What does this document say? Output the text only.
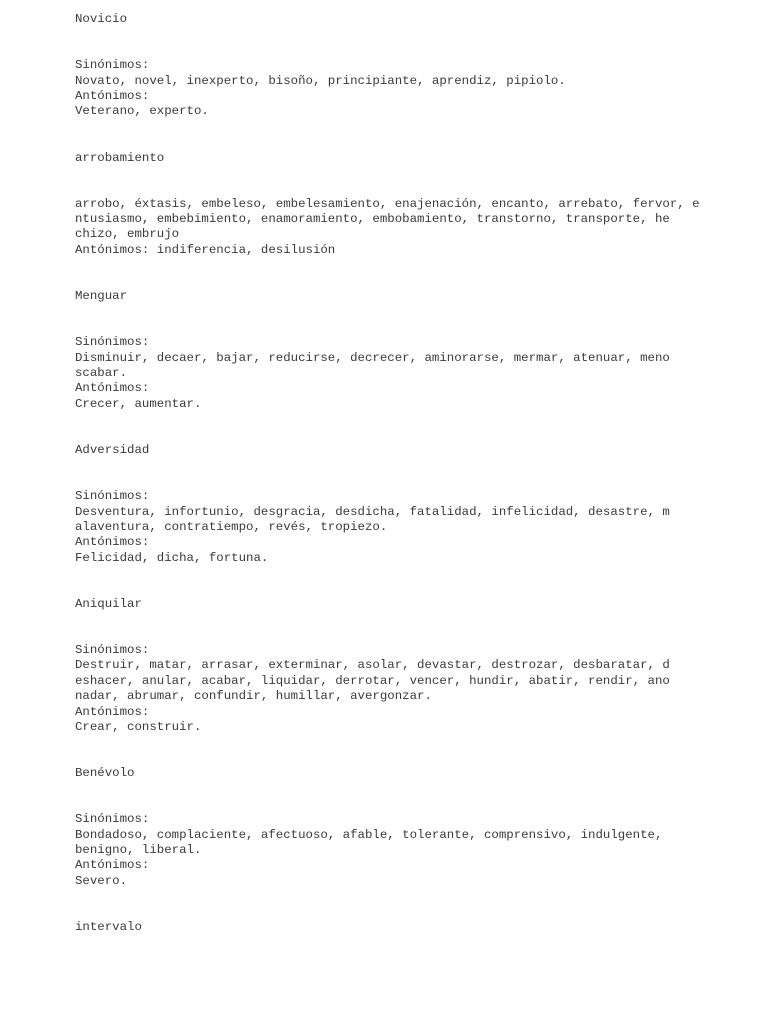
Novicio
Sinónimos:
Novato, novel, inexperto, bisoño, principiante, aprendiz, pipiolo.
Antónimos:
Veterano, experto.
arrobamiento
arrobo, éxtasis, embeleso, embelesamiento, enajenación, encanto, arrebato, fervor, e
ntusiasmo, embebimiento, enamoramiento, embobamiento, transtorno, transporte, he
chizo, embrujo
Antónimos: indiferencia, desilusión
Menguar
Sinónimos:
Disminuir, decaer, bajar, reducirse, decrecer, aminorarse, mermar, atenuar, meno
scabar.
Antónimos:
Crecer, aumentar.
Adversidad
Sinónimos:
Desventura, infortunio, desgracia, desdicha, fatalidad, infelicidad, desastre, m
alaventura, contratiempo, revés, tropiezo.
Antónimos:
Felicidad, dicha, fortuna.
Aniquilar
Sinónimos:
Destruir, matar, arrasar, exterminar, asolar, devastar, destrozar, desbaratar, d
eshacer, anular, acabar, liquidar, derrotar, vencer, hundir, abatir, rendir, ano
nadar, abrumar, confundir, humillar, avergonzar.
Antónimos:
Crear, construir.
Benévolo
Sinónimos:
Bondadoso, complaciente, afectuoso, afable, tolerante, comprensivo, indulgente,
benigno, liberal.
Antónimos:
Severo.
intervalo
